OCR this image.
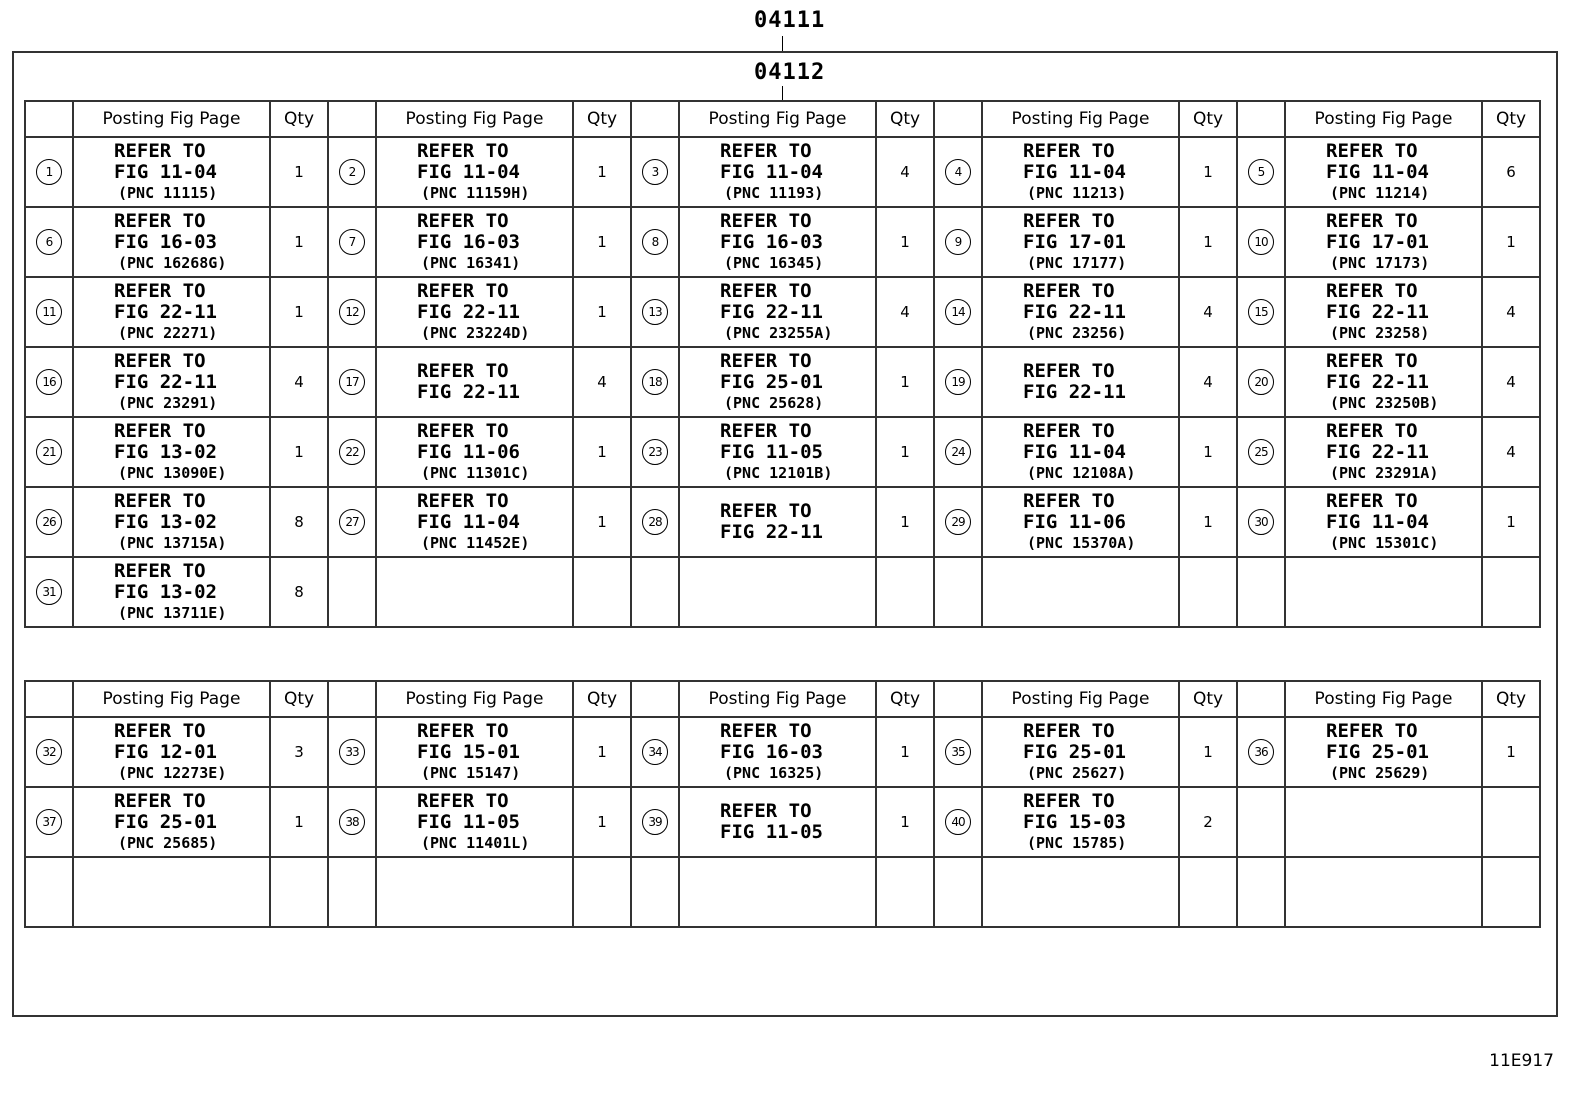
04111
04112
	Posting Fig Page	Qty		Posting Fig Page	Qty		Posting Fig Page	Qty		Posting Fig Page	Qty		Posting Fig Page	Qty
1	REFER TO
FIG 11-04
(PNC 11115)	1	2	REFER TO
FIG 11-04
(PNC 11159H)	1	3	REFER TO
FIG 11-04
(PNC 11193)	4	4	REFER TO
FIG 11-04
(PNC 11213)	1	5	REFER TO
FIG 11-04
(PNC 11214)	6
6	REFER TO
FIG 16-03
(PNC 16268G)	1	7	REFER TO
FIG 16-03
(PNC 16341)	1	8	REFER TO
FIG 16-03
(PNC 16345)	1	9	REFER TO
FIG 17-01
(PNC 17177)	1	10	REFER TO
FIG 17-01
(PNC 17173)	1
11	REFER TO
FIG 22-11
(PNC 22271)	1	12	REFER TO
FIG 22-11
(PNC 23224D)	1	13	REFER TO
FIG 22-11
(PNC 23255A)	4	14	REFER TO
FIG 22-11
(PNC 23256)	4	15	REFER TO
FIG 22-11
(PNC 23258)	4
16	REFER TO
FIG 22-11
(PNC 23291)	4	17	REFER TO
FIG 22-11	4	18	REFER TO
FIG 25-01
(PNC 25628)	1	19	REFER TO
FIG 22-11	4	20	REFER TO
FIG 22-11
(PNC 23250B)	4
21	REFER TO
FIG 13-02
(PNC 13090E)	1	22	REFER TO
FIG 11-06
(PNC 11301C)	1	23	REFER TO
FIG 11-05
(PNC 12101B)	1	24	REFER TO
FIG 11-04
(PNC 12108A)	1	25	REFER TO
FIG 22-11
(PNC 23291A)	4
26	REFER TO
FIG 13-02
(PNC 13715A)	8	27	REFER TO
FIG 11-04
(PNC 11452E)	1	28	REFER TO
FIG 22-11	1	29	REFER TO
FIG 11-06
(PNC 15370A)	1	30	REFER TO
FIG 11-04
(PNC 15301C)	1
31	REFER TO
FIG 13-02
(PNC 13711E)	8												
	Posting Fig Page	Qty		Posting Fig Page	Qty		Posting Fig Page	Qty		Posting Fig Page	Qty		Posting Fig Page	Qty
32	REFER TO
FIG 12-01
(PNC 12273E)	3	33	REFER TO
FIG 15-01
(PNC 15147)	1	34	REFER TO
FIG 16-03
(PNC 16325)	1	35	REFER TO
FIG 25-01
(PNC 25627)	1	36	REFER TO
FIG 25-01
(PNC 25629)	1
37	REFER TO
FIG 25-01
(PNC 25685)	1	38	REFER TO
FIG 11-05
(PNC 11401L)	1	39	REFER TO
FIG 11-05	1	40	REFER TO
FIG 15-03
(PNC 15785)	2			

11E917
